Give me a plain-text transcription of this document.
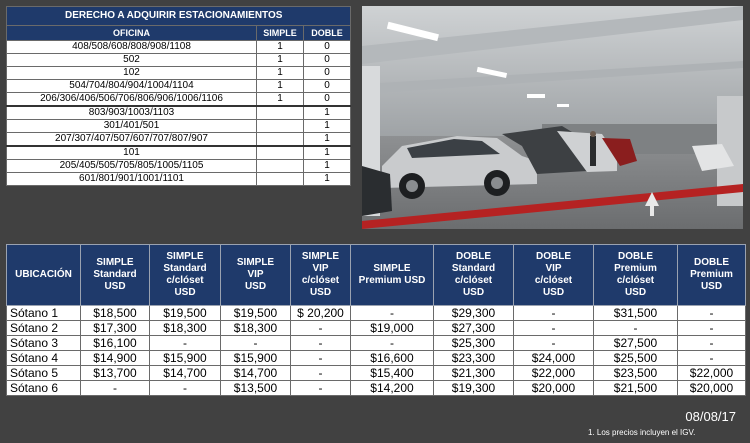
DERECHO A ADQUIRIR ESTACIONAMIENTOS		
OFICINA	SIMPLE	DOBLE
408/508/608/808/908/1108	1	0
502	1	0
102	1	0
504/704/804/904/1004/1104	1	0
206/306/406/506/706/806/906/1006/1106	1	0
803/903/1003/1103		1
301/401/501		1
207/307/407/507/607/707/807/907		1
101		1
205/405/505/705/805/1005/1105		1
601/801/901/1001/1101		1
UBICACIÓN	SIMPLE
Standard
USD	SIMPLE
Standard
c/clóset
USD	SIMPLE
VIP
USD	SIMPLE
VIP
c/clóset
USD	SIMPLE
Premium USD	DOBLE
Standard
c/clóset
USD	DOBLE
VIP
c/clóset
USD	DOBLE
Premium
c/clóset
USD	DOBLE
Premium
USD

Sótano 1	$18,500	$19,500	$19,500	$ 20,200	-	$29,300	-	$31,500	-
Sótano 2	$17,300	$18,300	$18,300	-	$19,000	$27,300	-	-	-
Sótano 3	$16,100	-	-	-	-	$25,300	-	$27,500	-
Sótano 4	$14,900	$15,900	$15,900	-	$16,600	$23,300	$24,000	$25,500	-
Sótano 5	$13,700	$14,700	$14,700	-	$15,400	$21,300	$22,000	$23,500	$22,000
Sótano 6	-	-	$13,500	-	$14,200	$19,300	$20,000	$21,500	$20,000
08/08/17
1. Los precios incluyen el IGV.
